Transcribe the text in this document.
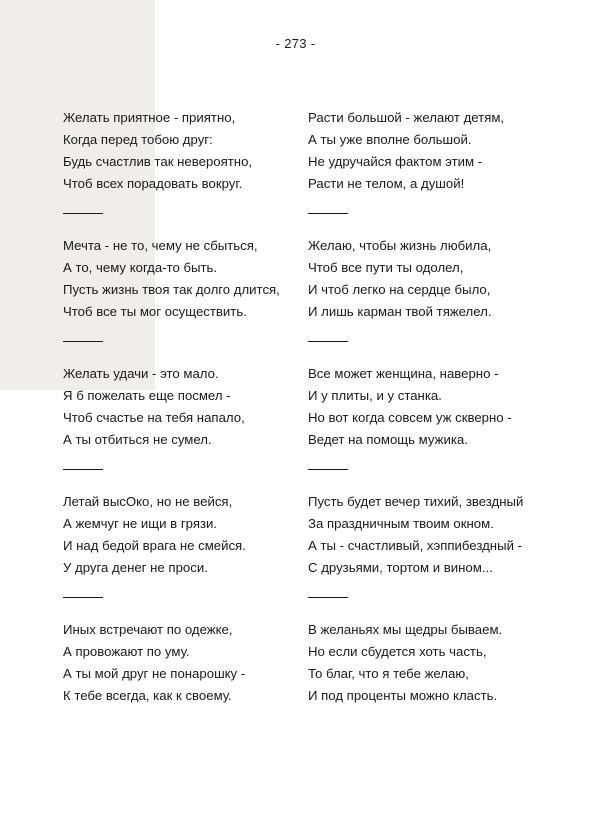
- 273 -
Желать приятное - приятно,
Когда перед тобою друг:
Будь счастлив так невероятно,
Чтоб всех порадовать вокруг.
Мечта - не то, чему не сбыться,
А то, чему когда-то быть.
Пусть жизнь твоя так долго длится,
Чтоб все ты мог осуществить.
Желать удачи - это мало.
Я б пожелать еще посмел -
Чтоб счастье на тебя напало,
А ты отбиться не сумел.
Летай высОко, но не вейся,
А жемчуг не ищи в грязи.
И над бедой врага не смейся.
У друга денег не проси.
Иных встречают по одежке,
А провожают по уму.
А ты мой друг не понарошку -
К тебе всегда, как к своему.
Расти большой - желают детям,
А ты уже вполне большой.
Не удручайся фактом этим -
Расти не телом, а душой!
Желаю, чтобы жизнь любила,
Чтоб все пути ты одолел,
И чтоб легко на сердце было,
И лишь карман твой тяжелел.
Все может женщина, наверно -
И у плиты, и у станка.
Но вот когда совсем уж скверно -
Ведет на помощь мужика.
Пусть будет вечер тихий, звездный
За праздничным твоим окном.
А ты - счастливый, хэппибездный -
С друзьями, тортом и вином...
В желаньях мы щедры бываем.
Но если сбудется хоть часть,
То благ, что я тебе желаю,
И под проценты можно класть.
